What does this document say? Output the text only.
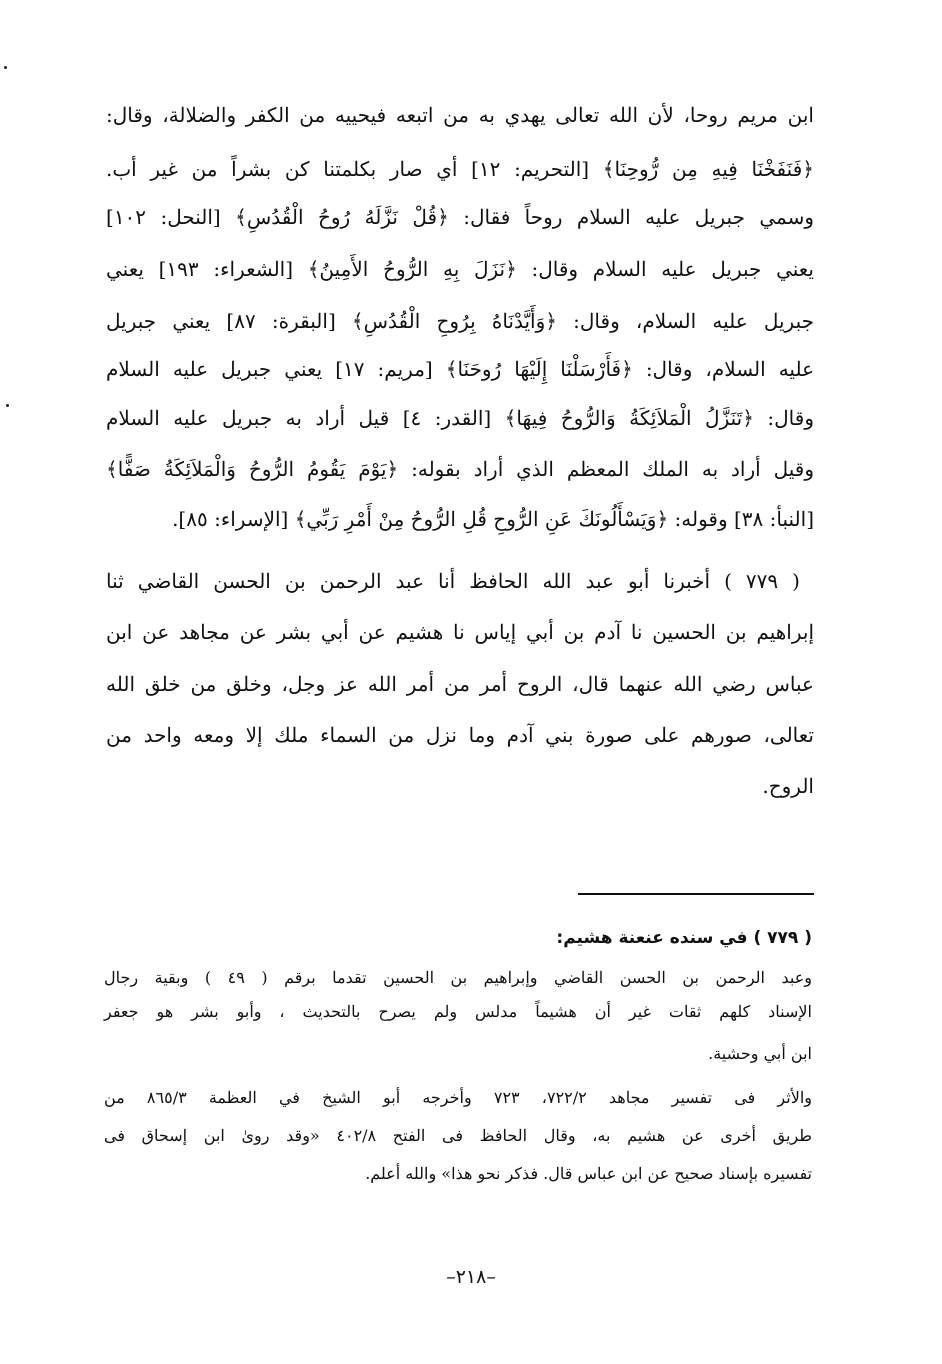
ابن مريم روحا، لأن الله تعالى يهدي به من اتبعه فيحييه من الكفر والضلالة، وقال:
﴿فَنَفَخْنَا فِيهِ مِن رُّوحِنَا﴾ [التحريم: ١٢] أي صار بكلمتنا كن بشراً من غير أب.
وسمي جبريل عليه السلام روحاً فقال: ﴿قُلْ نَزَّلَهُ رُوحُ الْقُدُسِ﴾ [النحل: ١٠٢]
يعني جبريل عليه السلام وقال: ﴿نَزَلَ بِهِ الرُّوحُ الأَمِينُ﴾ [الشعراء: ١٩٣] يعني
جبريل عليه السلام، وقال: ﴿وَأَيَّدْنَاهُ بِرُوحِ الْقُدُسِ﴾ [البقرة: ٨٧] يعني جبريل
عليه السلام، وقال: ﴿فَأَرْسَلْنَا إِلَيْهَا رُوحَنَا﴾ [مريم: ١٧] يعني جبريل عليه السلام
وقال: ﴿تَنَزَّلُ الْمَلاَئِكَةُ وَالرُّوحُ فِيهَا﴾ [القدر: ٤] قيل أراد به جبريل عليه السلام
وقيل أراد به الملك المعظم الذي أراد بقوله: ﴿يَوْمَ يَقُومُ الرُّوحُ وَالْمَلاَئِكَةُ صَفًّا﴾
[النبأ: ٣٨] وقوله: ﴿وَيَسْأَلُونَكَ عَنِ الرُّوحِ قُلِ الرُّوحُ مِنْ أَمْرِ رَبِّي﴾ [الإسراء: ٨٥].
( ٧٧٩ ) أخبرنا أبو عبد الله الحافظ أنا عبد الرحمن بن الحسن القاضي ثنا
إبراهيم بن الحسين نا آدم بن أبي إياس نا هشيم عن أبي بشر عن مجاهد عن ابن
عباس رضي الله عنهما قال، الروح أمر من أمر الله عز وجل، وخلق من خلق الله
تعالى، صورهم على صورة بني آدم وما نزل من السماء ملك إلا ومعه واحد من
الروح.
( ٧٧٩ ) في سنده عنعنة هشيم:
وعبد الرحمن بن الحسن القاضي وإبراهيم بن الحسين تقدما برقم ( ٤٩ ) وبقية رجال
الإسناد كلهم ثقات غير أن هشيماً مدلس ولم يصرح بالتحديث ، وأبو بشر هو جعفر
ابن أبي وحشية.
والأثر فى تفسير مجاهد ٧٢٢/٢، ٧٢٣ وأخرجه أبو الشيخ في العظمة ٨٦٥/٣ من
طريق أخرى عن هشيم به، وقال الحافظ فى الفتح ٤٠٢/٨ «وقد روىٰ ابن إسحاق فى
تفسيره بإسناد صحيح عن ابن عباس قال. فذكر نحو هذا» والله أعلم.
–٢١٨–
